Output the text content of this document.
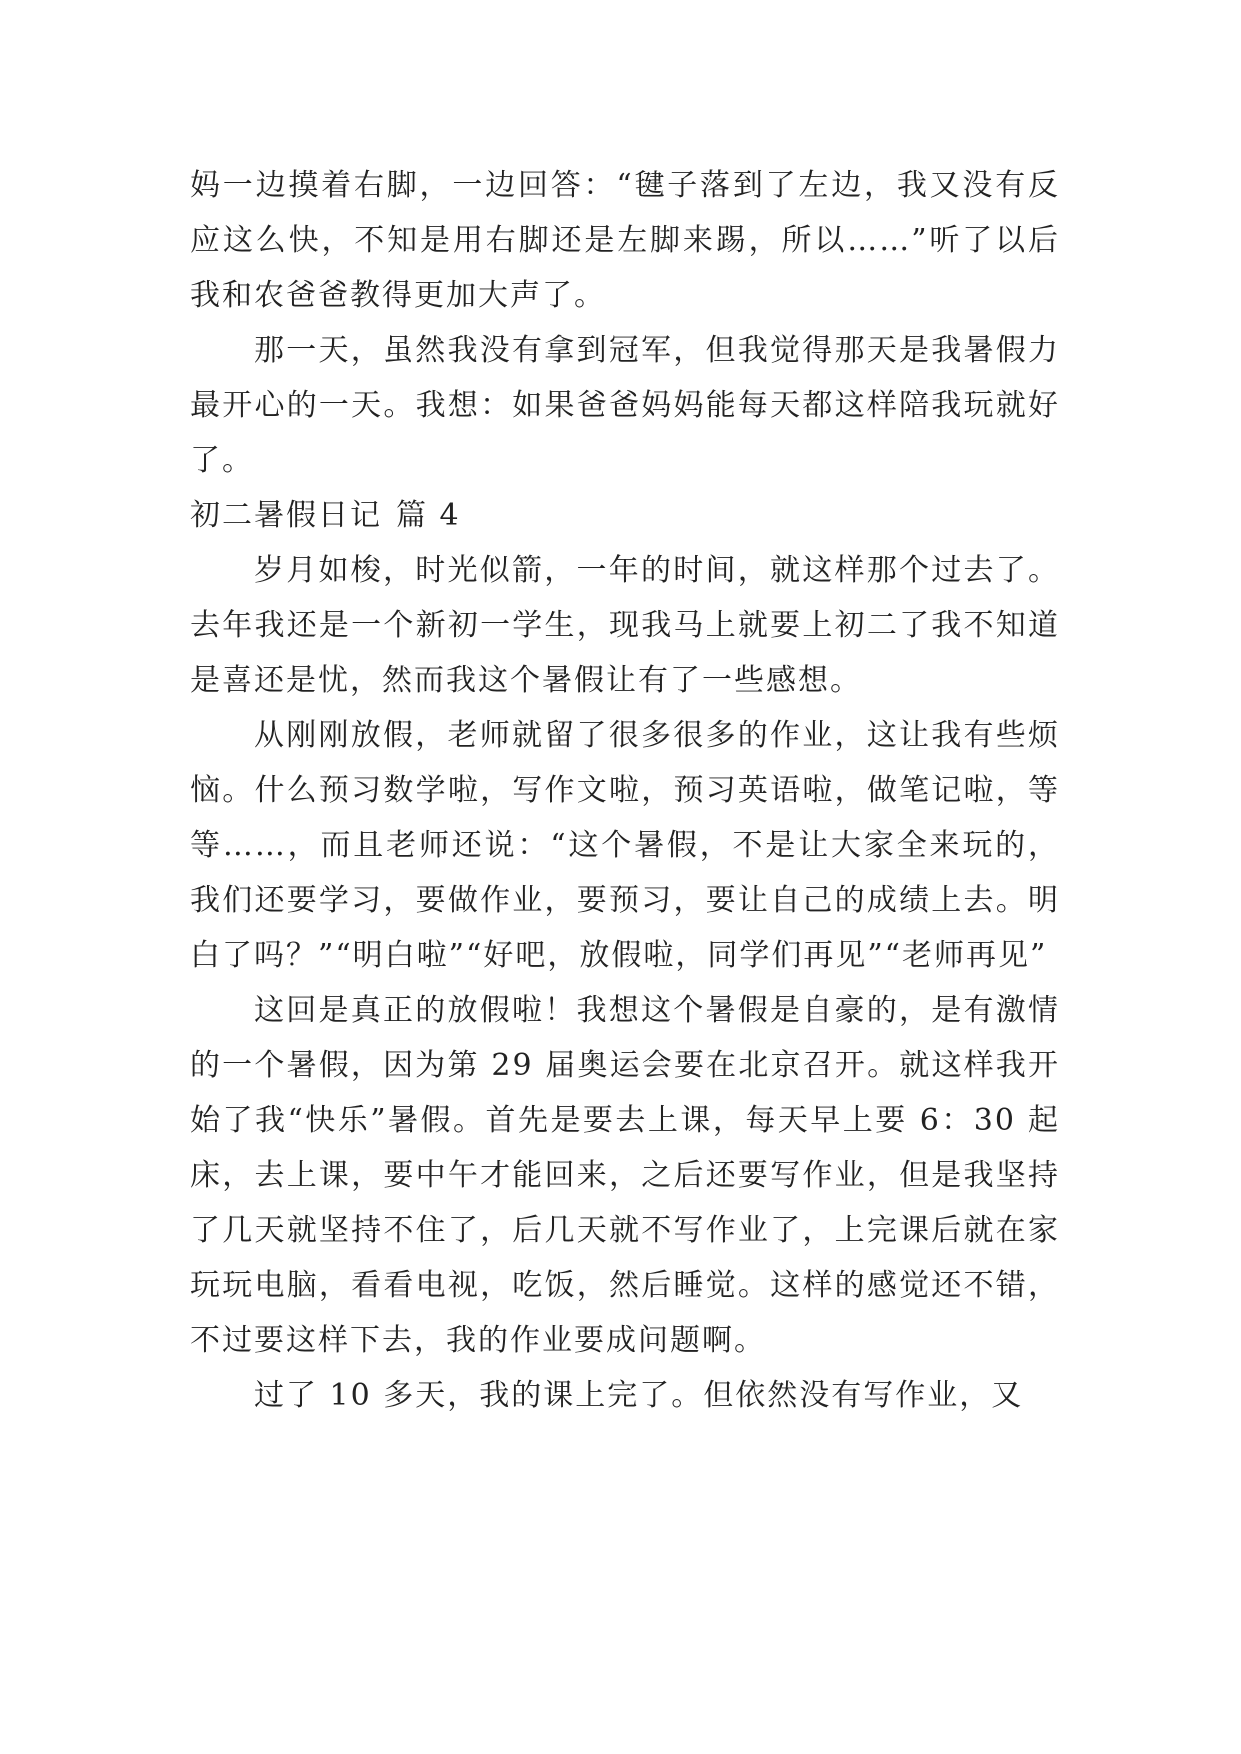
妈一边摸着右脚，一边回答：“毽子落到了左边，我又没有反应这么快，不知是用右脚还是左脚来踢，所以……”听了以后我和农爸爸教得更加大声了。

那一天，虽然我没有拿到冠军，但我觉得那天是我暑假力最开心的一天。我想：如果爸爸妈妈能每天都这样陪我玩就好了。

初二暑假日记 篇 4

岁月如梭，时光似箭，一年的时间，就这样那个过去了。去年我还是一个新初一学生，现我马上就要上初二了我不知道是喜还是忧，然而我这个暑假让有了一些感想。

从刚刚放假，老师就留了很多很多的作业，这让我有些烦恼。什么预习数学啦，写作文啦，预习英语啦，做笔记啦，等等……，而且老师还说：“这个暑假，不是让大家全来玩的，我们还要学习，要做作业，要预习，要让自己的成绩上去。明白了吗？”“明白啦”“好吧，放假啦，同学们再见”“老师再见”

这回是真正的放假啦！我想这个暑假是自豪的，是有激情的一个暑假，因为第 29 届奥运会要在北京召开。就这样我开始了我“快乐”暑假。首先是要去上课，每天早上要 6：30 起床，去上课，要中午才能回来，之后还要写作业，但是我坚持了几天就坚持不住了，后几天就不写作业了，上完课后就在家玩玩电脑，看看电视，吃饭，然后睡觉。这样的感觉还不错，不过要这样下去，我的作业要成问题啊。

过了 10 多天，我的课上完了。但依然没有写作业，又
